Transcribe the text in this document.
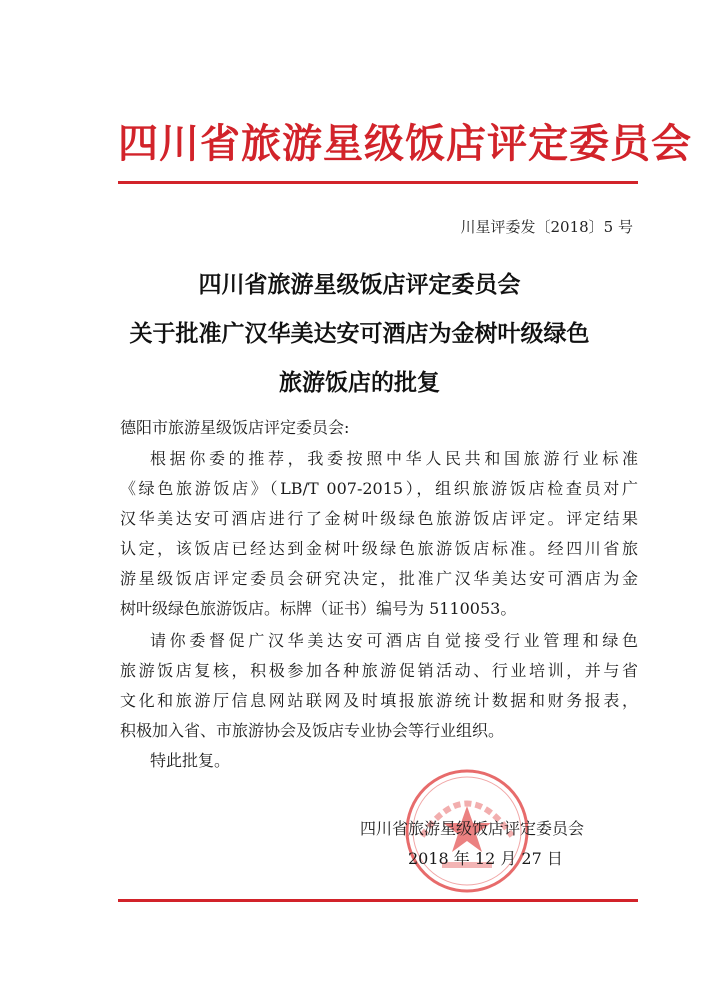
四川省旅游星级饭店评定委员会
川星评委发〔2018〕5 号
四川省旅游星级饭店评定委员会
关于批准广汉华美达安可酒店为金树叶级绿色
旅游饭店的批复
德阳市旅游星级饭店评定委员会:
根据你委的推荐，我委按照中华人民共和国旅游行业标准
《绿色旅游饭店》（LB/T 007-2015），组织旅游饭店检查员对广
汉华美达安可酒店进行了金树叶级绿色旅游饭店评定。评定结果
认定，该饭店已经达到金树叶级绿色旅游饭店标准。经四川省旅
游星级饭店评定委员会研究决定，批准广汉华美达安可酒店为金
树叶级绿色旅游饭店。标牌（证书）编号为 5110053。
请你委督促广汉华美达安可酒店自觉接受行业管理和绿色
旅游饭店复核，积极参加各种旅游促销活动、行业培训，并与省
文化和旅游厅信息网站联网及时填报旅游统计数据和财务报表，
积极加入省、市旅游协会及饭店专业协会等行业组织。
特此批复。
四川省旅游星级饭店评定委员会
2018 年 12 月 27 日
